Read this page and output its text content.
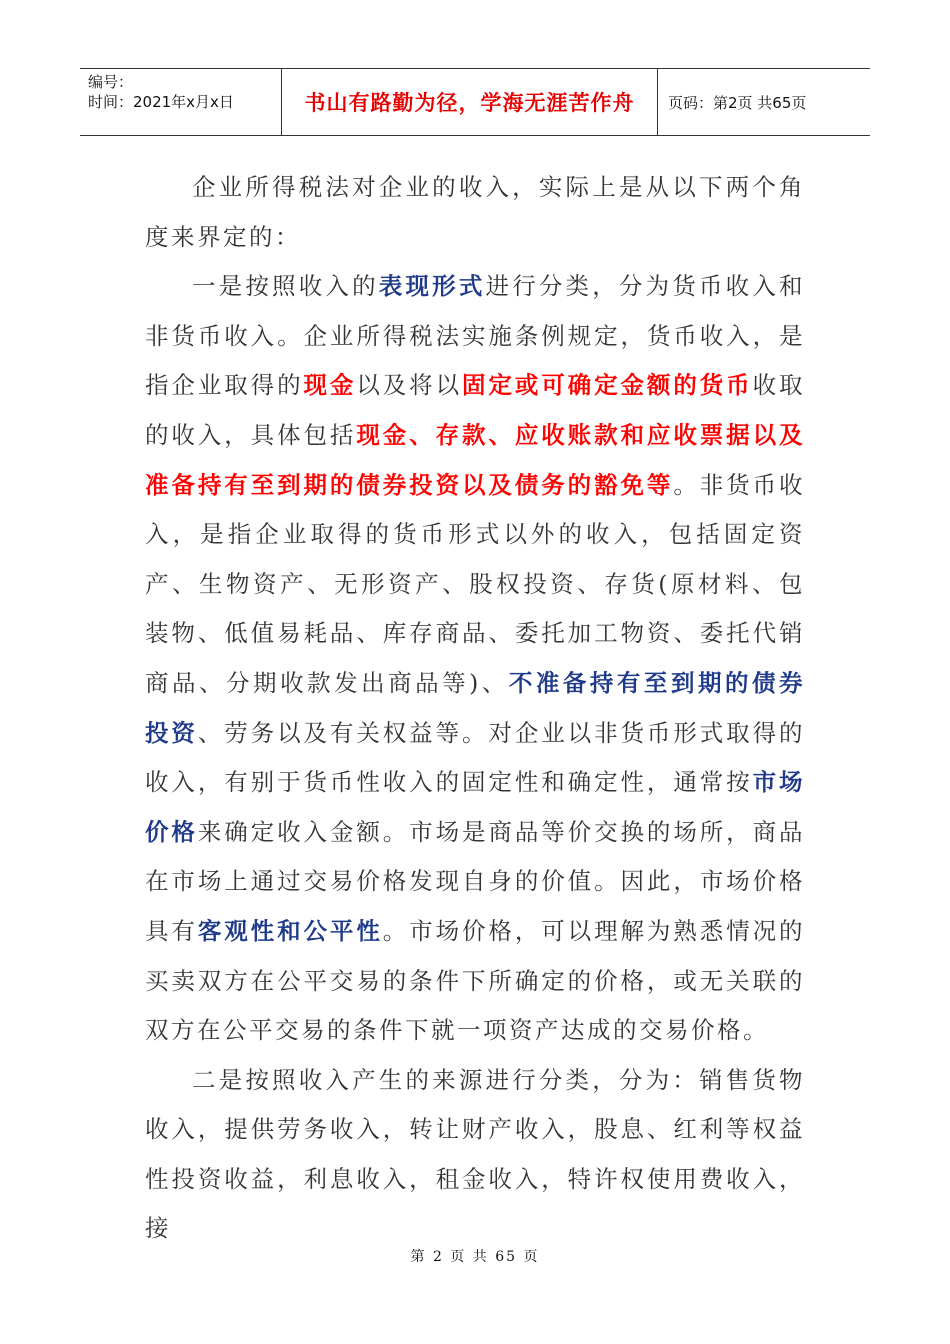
编号：
时间：2021年x月x日	书山有路勤为径，学海无涯苦作舟	页码：第2页 共65页

企业所得税法对企业的收入，实际上是从以下两个角度来界定的：

一是按照收入的表现形式进行分类，分为货币收入和非货币收入。企业所得税法实施条例规定，货币收入，是指企业取得的现金以及将以固定或可确定金额的货币收取的收入，具体包括现金、存款、应收账款和应收票据以及准备持有至到期的债券投资以及债务的豁免等。非货币收入，是指企业取得的货币形式以外的收入，包括固定资产、生物资产、无形资产、股权投资、存货(原材料、包装物、低值易耗品、库存商品、委托加工物资、委托代销商品、分期收款发出商品等)、不准备持有至到期的债券投资、劳务以及有关权益等。对企业以非货币形式取得的收入，有别于货币性收入的固定性和确定性，通常按市场价格来确定收入金额。市场是商品等价交换的场所，商品在市场上通过交易价格发现自身的价值。因此，市场价格具有客观性和公平性。市场价格，可以理解为熟悉情况的买卖双方在公平交易的条件下所确定的价格，或无关联的双方在公平交易的条件下就一项资产达成的交易价格。

二是按照收入产生的来源进行分类，分为：销售货物收入，提供劳务收入，转让财产收入，股息、红利等权益性投资收益，利息收入，租金收入，特许权使用费收入，接

第 2 页 共 65 页
